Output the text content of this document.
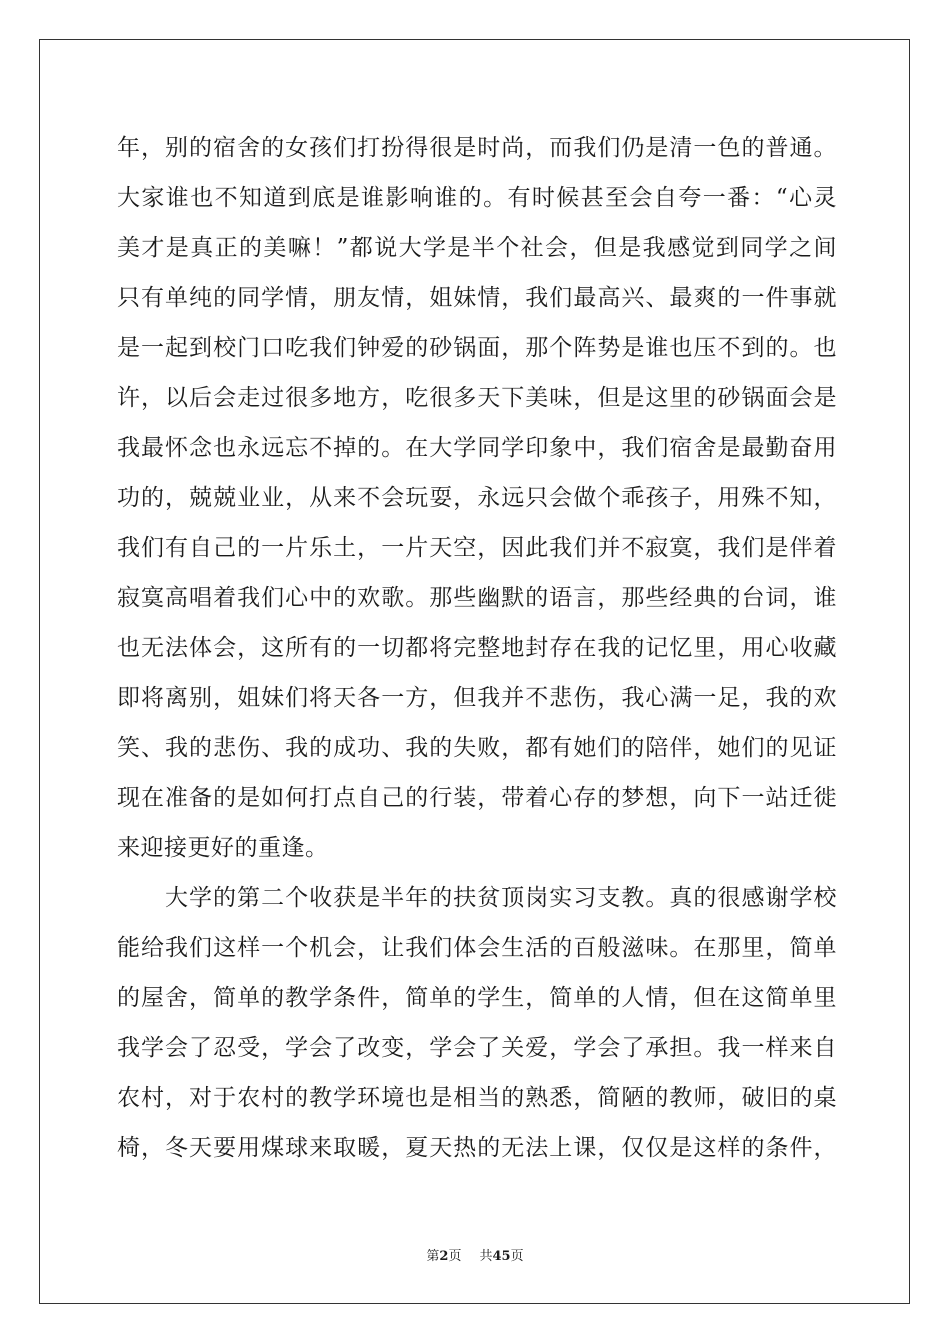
年，别的宿舍的女孩们打扮得很是时尚，而我们仍是清一色的普通。
大家谁也不知道到底是谁影响谁的。有时候甚至会自夸一番：“心灵
美才是真正的美嘛！”都说大学是半个社会，但是我感觉到同学之间
只有单纯的同学情，朋友情，姐妹情，我们最高兴、最爽的一件事就
是一起到校门口吃我们钟爱的砂锅面，那个阵势是谁也压不到的。也
许，以后会走过很多地方，吃很多天下美味，但是这里的砂锅面会是
我最怀念也永远忘不掉的。在大学同学印象中，我们宿舍是最勤奋用
功的，兢兢业业，从来不会玩耍，永远只会做个乖孩子，用殊不知，
我们有自己的一片乐土，一片天空，因此我们并不寂寞，我们是伴着
寂寞高唱着我们心中的欢歌。那些幽默的语言，那些经典的台词，谁
也无法体会，这所有的一切都将完整地封存在我的记忆里，用心收藏
即将离别，姐妹们将天各一方，但我并不悲伤，我心满一足，我的欢
笑、我的悲伤、我的成功、我的失败，都有她们的陪伴，她们的见证
现在准备的是如何打点自己的行装，带着心存的梦想，向下一站迁徙
来迎接更好的重逢。
大学的第二个收获是半年的扶贫顶岗实习支教。真的很感谢学校
能给我们这样一个机会，让我们体会生活的百般滋味。在那里，简单
的屋舍，简单的教学条件，简单的学生，简单的人情，但在这简单里
我学会了忍受，学会了改变，学会了关爱，学会了承担。我一样来自
农村，对于农村的教学环境也是相当的熟悉，简陋的教师，破旧的桌
椅，冬天要用煤球来取暖，夏天热的无法上课，仅仅是这样的条件，
第2页 共45页
